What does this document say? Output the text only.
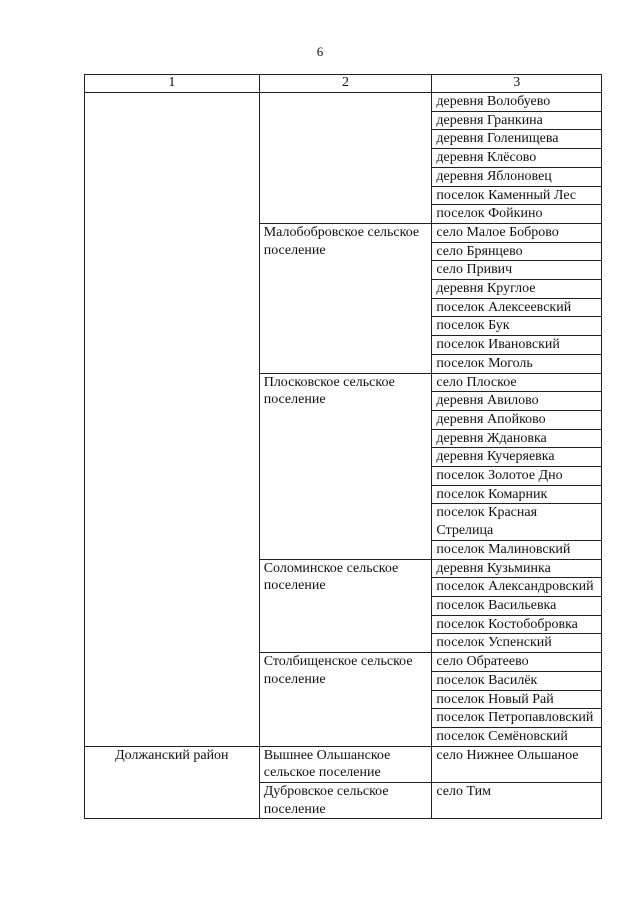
6
1	2	3
		деревня Волобуево
		деревня Гранкина
		деревня Голенищева
		деревня Клёсово
		деревня Яблоновец
		поселок Каменный Лес
		поселок Фойкино
	Малобобровское сельское поселение	село Малое Боброво
		село Брянцево
		село Привич
		деревня Круглое
		поселок Алексеевский
		поселок Бук
		поселок Ивановский
		поселок Моголь
	Плосковское сельское поселение	село Плоское
		деревня Авилово
		деревня Апойково
		деревня Ждановка
		деревня Кучеряевка
		поселок Золотое Дно
		поселок Комарник
		поселок Красная Стрелица
		поселок Малиновский
	Соломинское сельское поселение	деревня Кузьминка
		поселок Александровский
		поселок Васильевка
		поселок Костобобровка
		поселок Успенский
	Столбищенское сельское поселение	село Обратеево
		поселок Василёк
		поселок Новый Рай
		поселок Петропавловский
		поселок Семёновский
Должанский район	Вышнее Ольшанское сельское поселение	село Нижнее Ольшаное
	Дубровское сельское поселение	село Тим
